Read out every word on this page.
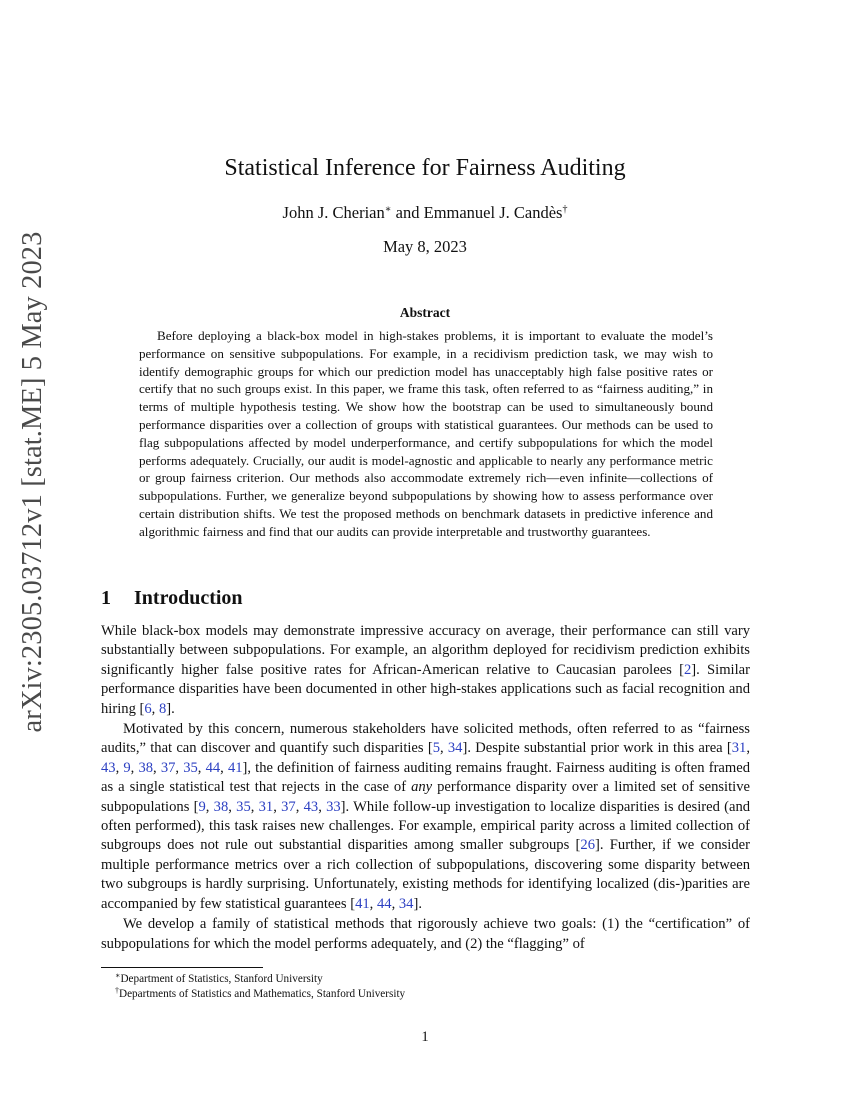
arXiv:2305.03712v1 [stat.ME] 5 May 2023
Statistical Inference for Fairness Auditing
John J. Cherian∗ and Emmanuel J. Candès†
May 8, 2023
Abstract
Before deploying a black-box model in high-stakes problems, it is important to evaluate the model’s performance on sensitive subpopulations. For example, in a recidivism prediction task, we may wish to identify demographic groups for which our prediction model has unacceptably high false positive rates or certify that no such groups exist. In this paper, we frame this task, often referred to as “fairness auditing,” in terms of multiple hypothesis testing. We show how the bootstrap can be used to simultaneously bound performance disparities over a collection of groups with statistical guarantees. Our methods can be used to flag subpopulations affected by model underperformance, and certify subpopulations for which the model performs adequately. Crucially, our audit is model-agnostic and applicable to nearly any performance metric or group fairness criterion. Our methods also accommodate extremely rich—even infinite—collections of subpopulations. Further, we generalize beyond subpopulations by showing how to assess performance over certain distribution shifts. We test the proposed methods on benchmark datasets in predictive inference and algorithmic fairness and find that our audits can provide interpretable and trustworthy guarantees.
1 Introduction

While black-box models may demonstrate impressive accuracy on average, their performance can still vary substantially between subpopulations. For example, an algorithm deployed for recidivism prediction exhibits significantly higher false positive rates for African-American relative to Caucasian parolees [2]. Similar performance disparities have been documented in other high-stakes applications such as facial recognition and hiring [6, 8].

Motivated by this concern, numerous stakeholders have solicited methods, often referred to as “fairness audits,” that can discover and quantify such disparities [5, 34]. Despite substantial prior work in this area [31, 43, 9, 38, 37, 35, 44, 41], the definition of fairness auditing remains fraught. Fairness auditing is often framed as a single statistical test that rejects in the case of any performance disparity over a limited set of sensitive subpopulations [9, 38, 35, 31, 37, 43, 33]. While follow-up investigation to localize disparities is desired (and often performed), this task raises new challenges. For example, empirical parity across a limited collection of subgroups does not rule out substantial disparities among smaller subgroups [26]. Further, if we consider multiple performance metrics over a rich collection of subpopulations, discovering some disparity between two subgroups is hardly surprising. Unfortunately, existing methods for identifying localized (dis-)parities are accompanied by few statistical guarantees [41, 44, 34].

We develop a family of statistical methods that rigorously achieve two goals: (1) the “certification” of subpopulations for which the model performs adequately, and (2) the “flagging” of

∗Department of Statistics, Stanford University
†Departments of Statistics and Mathematics, Stanford University
1
